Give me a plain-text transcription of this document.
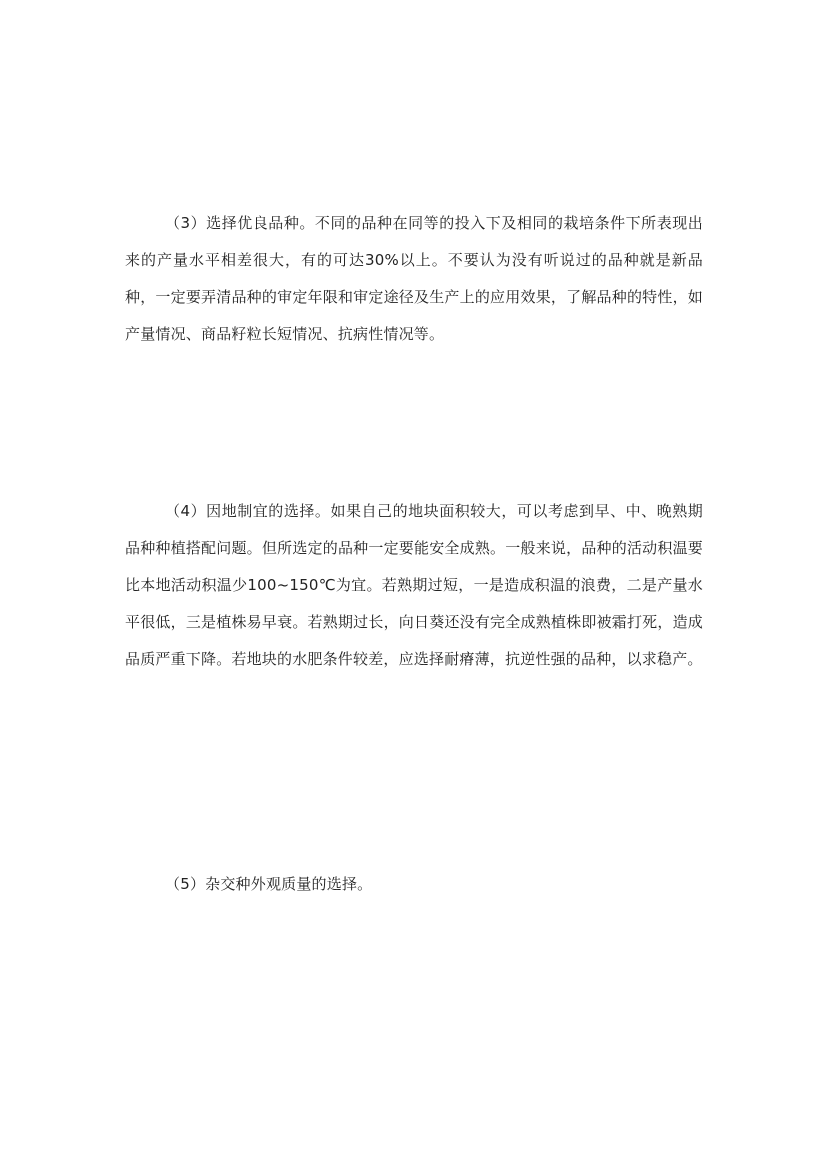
（3）选择优良品种。不同的品种在同等的投入下及相同的栽培条件下所表现出来的产量水平相差很大，有的可达30%以上。不要认为没有听说过的品种就是新品种，一定要弄清品种的审定年限和审定途径及生产上的应用效果，了解品种的特性，如产量情况、商品籽粒长短情况、抗病性情况等。

（4）因地制宜的选择。如果自己的地块面积较大，可以考虑到早、中、晚熟期品种种植搭配问题。但所选定的品种一定要能安全成熟。一般来说，品种的活动积温要比本地活动积温少100~150℃为宜。若熟期过短，一是造成积温的浪费，二是产量水平很低，三是植株易早衰。若熟期过长，向日葵还没有完全成熟植株即被霜打死，造成品质严重下降。若地块的水肥条件较差，应选择耐瘠薄，抗逆性强的品种，以求稳产。

（5）杂交种外观质量的选择。
